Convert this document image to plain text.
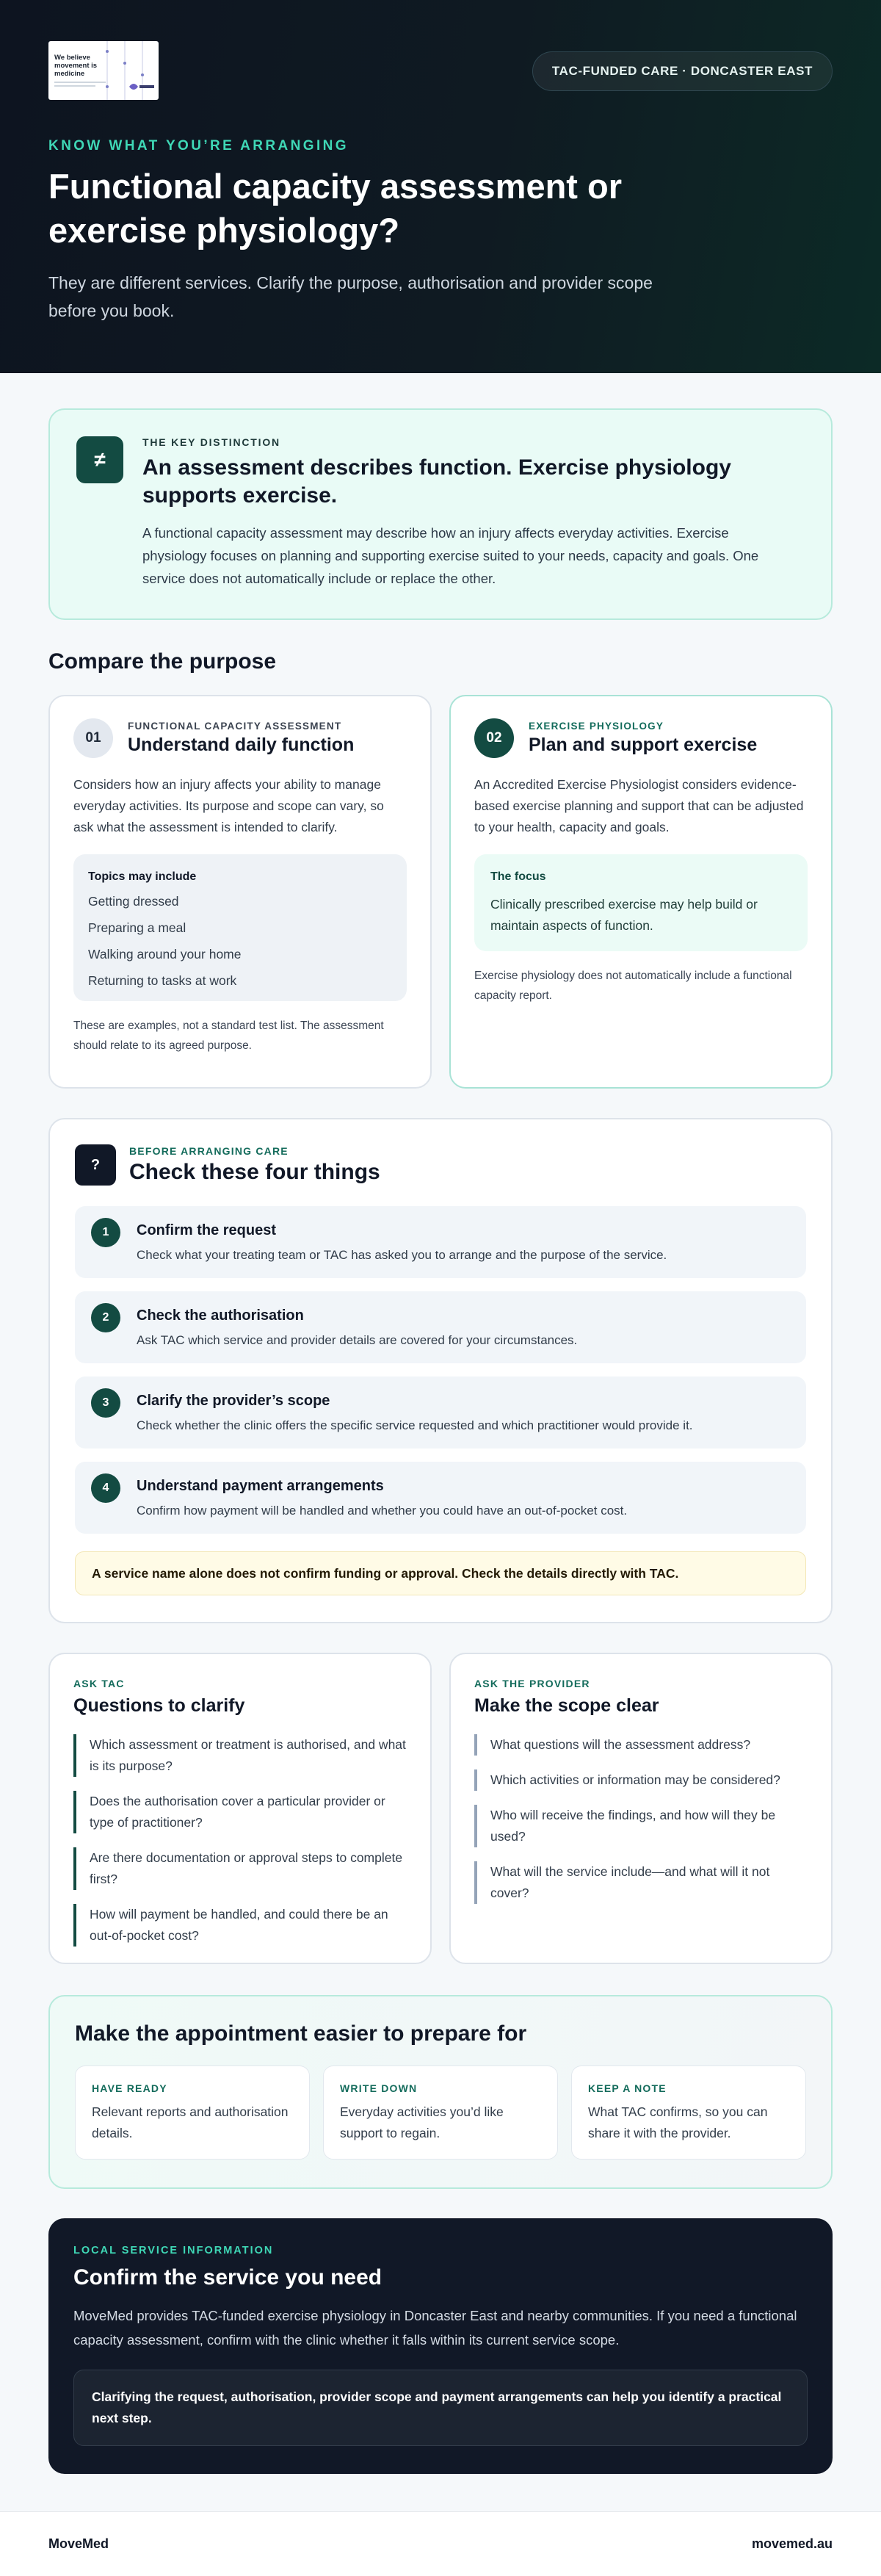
We believe movement is medicine	TAC-FUNDED CARE · DONCASTER EAST
KNOW WHAT YOU’RE ARRANGING
Functional capacity assessment or exercise physiology?

They are different services. Clarify the purpose, authorisation and provider scope before you book.

≠
THE KEY DISTINCTION
An assessment describes function. Exercise physiology supports exercise.

A functional capacity assessment may describe how an injury affects everyday activities. Exercise physiology focuses on planning and supporting exercise suited to your needs, capacity and goals. One service does not automatically include or replace the other.

Compare the purpose
01
FUNCTIONAL CAPACITY ASSESSMENT
Understand daily function

Considers how an injury affects your ability to manage everyday activities. Its purpose and scope can vary, so ask what the assessment is intended to clarify.

Topics may include
Getting dressed
Preparing a meal
Walking around your home
Returning to tasks at work

These are examples, not a standard test list. The assessment should relate to its agreed purpose.

02
EXERCISE PHYSIOLOGY
Plan and support exercise

An Accredited Exercise Physiologist considers evidence-based exercise planning and support that can be adjusted to your health, capacity and goals.

The focus
Clinically prescribed exercise may help build or maintain aspects of function.

Exercise physiology does not automatically include a functional capacity report.

?
BEFORE ARRANGING CARE
Check these four things
1	Confirm the request
Check what your treating team or TAC has asked you to arrange and the purpose of the service.
2	Check the authorisation
Ask TAC which service and provider details are covered for your circumstances.
3	Clarify the provider’s scope
Check whether the clinic offers the specific service requested and which practitioner would provide it.
4	Understand payment arrangements
Confirm how payment will be handled and whether you could have an out-of-pocket cost.
A service name alone does not confirm funding or approval. Check the details directly with TAC.
ASK TAC
Questions to clarify
Which assessment or treatment is authorised, and what is its purpose?
Does the authorisation cover a particular provider or type of practitioner?
Are there documentation or approval steps to complete first?
How will payment be handled, and could there be an out-of-pocket cost?
ASK THE PROVIDER
Make the scope clear
What questions will the assessment address?
Which activities or information may be considered?
Who will receive the findings, and how will they be used?
What will the service include—and what will it not cover?
Make the appointment easier to prepare for
HAVE READY
Relevant reports and authorisation details.
WRITE DOWN
Everyday activities you’d like support to regain.
KEEP A NOTE
What TAC confirms, so you can share it with the provider.
LOCAL SERVICE INFORMATION
Confirm the service you need

MoveMed provides TAC-funded exercise physiology in Doncaster East and nearby communities. If you need a functional capacity assessment, confirm with the clinic whether it falls within its current service scope.

Clarifying the request, authorisation, provider scope and payment arrangements can help you identify a practical next step.
MoveMed	movemed.au
